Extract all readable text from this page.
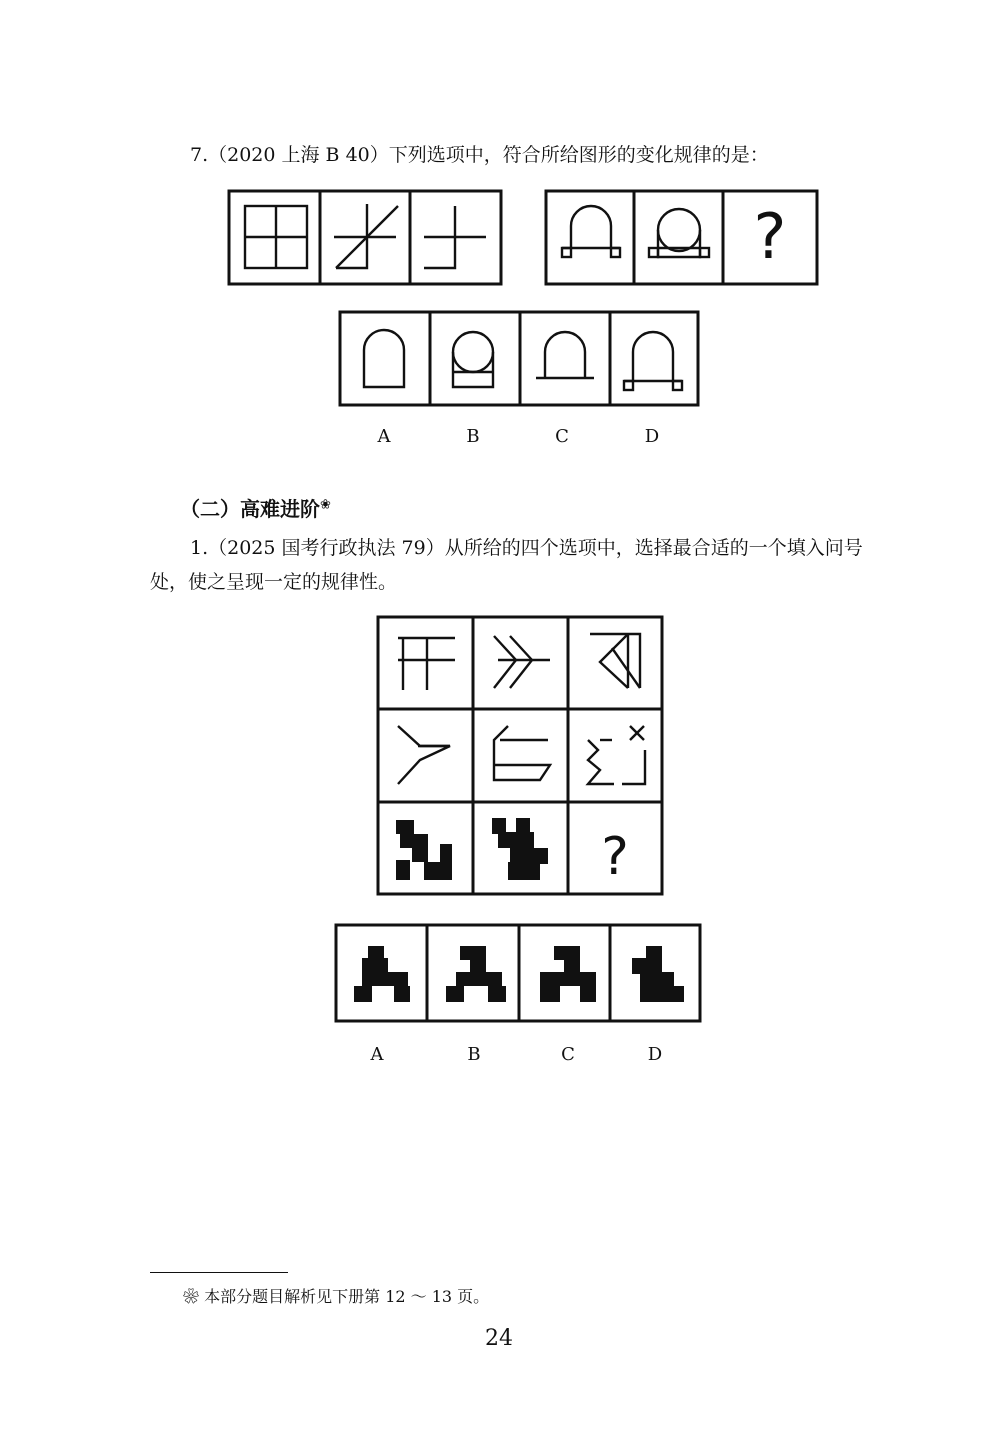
7.（2020 上海 B 40）下列选项中，符合所给图形的变化规律的是：
?
A	B	C	D
（二）高难进阶❀
1.（2025 国考行政执法 79）从所给的四个选项中，选择最合适的一个填入问号
处，使之呈现一定的规律性。
?
A	B	C	D
❀ 本部分题目解析见下册第 12 ～ 13 页。
24
